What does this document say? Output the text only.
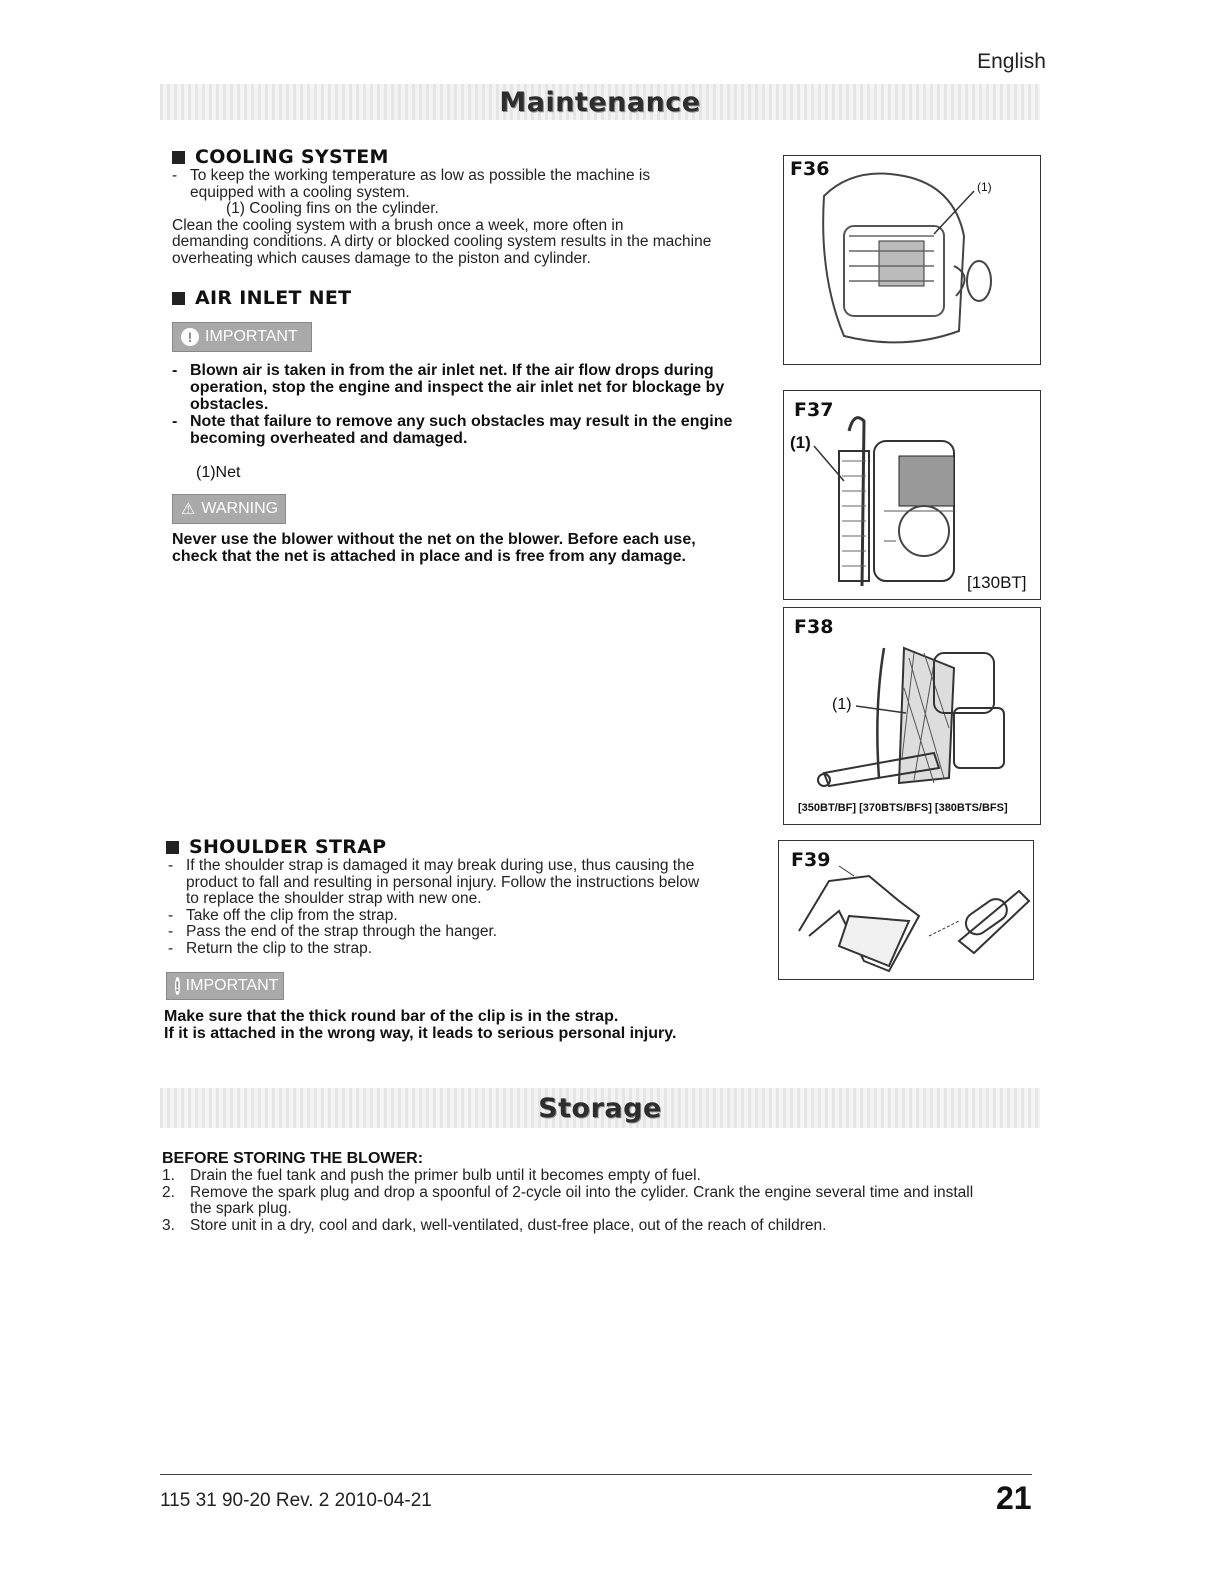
English
Maintenance
COOLING SYSTEM
- To keep the working temperature as low as possible the machine is
equipped with a cooling system.
(1) Cooling fins on the cylinder.
Clean the cooling system with a brush once a week, more often in
demanding conditions. A dirty or blocked cooling system results in the machine
overheating which causes damage to the piston and cylinder.
AIR INLET NET
! IMPORTANT
- Blown air is taken in from the air inlet net. If the air flow drops during
operation, stop the engine and inspect the air inlet net for blockage by
obstacles.
- Note that failure to remove any such obstacles may result in the engine
becoming overheated and damaged.
(1)Net
⚠ WARNING
Never use the blower without the net on the blower. Before each use,
check that the net is attached in place and is free from any damage.
F36
(1)
F37
(1)
[130BT]
F38
(1)
[350BT/BF] [370BTS/BFS] [380BTS/BFS]
F39
SHOULDER STRAP
- If the shoulder strap is damaged it may break during use, thus causing the
product to fall and resulting in personal injury. Follow the instructions below
to replace the shoulder strap with new one.
- Take off the clip from the strap.
- Pass the end of the strap through the hanger.
- Return the clip to the strap.
! IMPORTANT
Make sure that the thick round bar of the clip is in the strap.
If it is attached in the wrong way, it leads to serious personal injury.
Storage
BEFORE STORING THE BLOWER:
1. Drain the fuel tank and push the primer bulb until it becomes empty of fuel.
2. Remove the spark plug and drop a spoonful of 2-cycle oil into the cylider. Crank the engine several time and install
the spark plug.
3. Store unit in a dry, cool and dark, well-ventilated, dust-free place, out of the reach of children.
115 31 90-20 Rev. 2 2010-04-21	21
